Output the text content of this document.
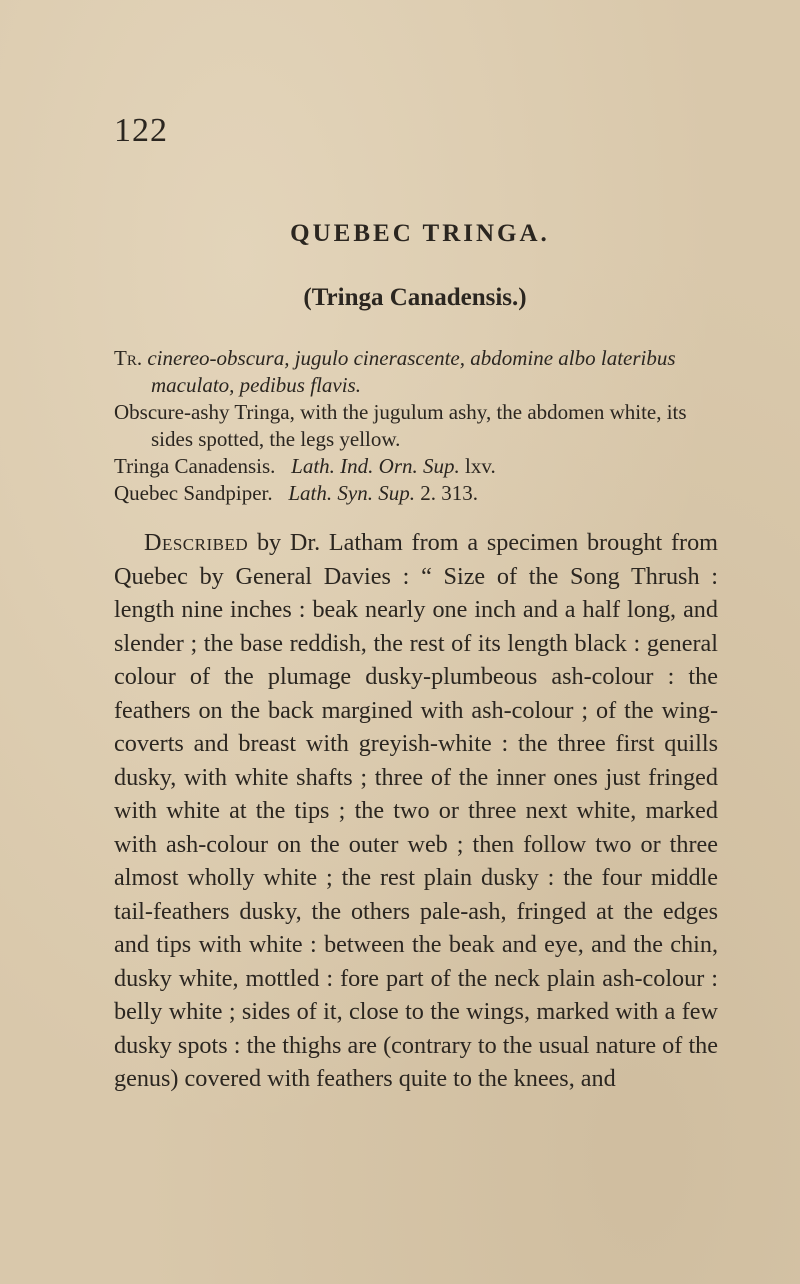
122

QUEBEC TRINGA.
(Tringa Canadensis.)

Tr. cinereo-obscura, jugulo cinerascente, abdomine albo lateribus maculato, pedibus flavis.

Obscure-ashy Tringa, with the jugulum ashy, the abdomen white, its sides spotted, the legs yellow.

Tringa Canadensis. Lath. Ind. Orn. Sup. lxv.

Quebec Sandpiper. Lath. Syn. Sup. 2. 313.

Described by Dr. Latham from a specimen brought from Quebec by General Davies : “ Size of the Song Thrush : length nine inches : beak nearly one inch and a half long, and slender ; the base reddish, the rest of its length black : general colour of the plumage dusky-plumbeous ash-colour : the feathers on the back margined with ash-colour ; of the wing-coverts and breast with greyish-white : the three first quills dusky, with white shafts ; three of the inner ones just fringed with white at the tips ; the two or three next white, marked with ash-colour on the outer web ; then follow two or three almost wholly white ; the rest plain dusky : the four middle tail-feathers dusky, the others pale-ash, fringed at the edges and tips with white : between the beak and eye, and the chin, dusky white, mottled : fore part of the neck plain ash-colour : belly white ; sides of it, close to the wings, marked with a few dusky spots : the thighs are (contrary to the usual nature of the genus) covered with feathers quite to the knees, and
